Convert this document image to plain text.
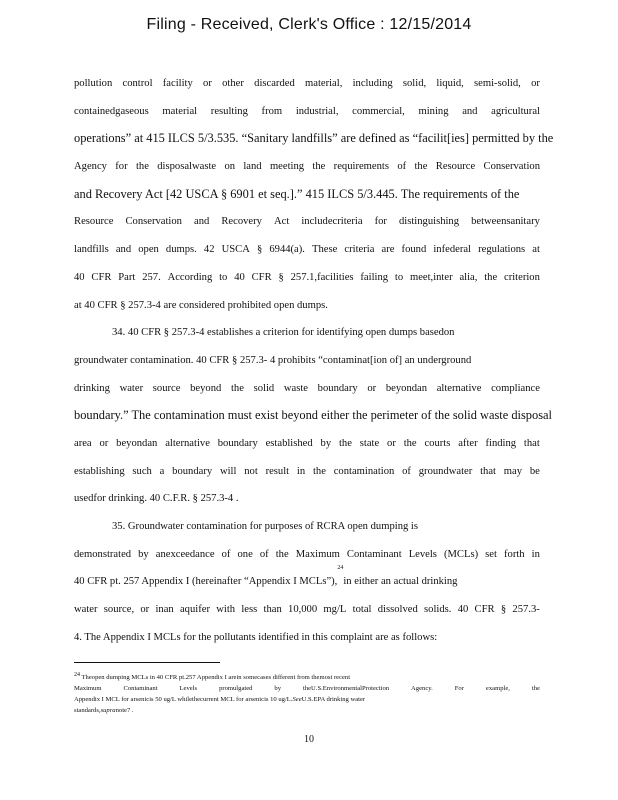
Filing - Received, Clerk's Office : 12/15/2014
pollution control facility or other discarded material, including solid, liquid, semi-solid, or
containedgaseous material resulting from industrial, commercial, mining and agricultural
operations” at 415 ILCS 5/3.535. “Sanitary landfills” are defined as “facilit[ies] permitted by the
Agency for the disposalwaste on land meeting the requirements of the Resource Conservation
and Recovery Act [42 USCA § 6901 et seq.].” 415 ILCS 5/3.445. The requirements of the
Resource Conservation and Recovery Act includecriteria for distinguishing betweensanitary
landfills and open dumps. 42 USCA § 6944(a). These criteria are found infederal regulations at
40 CFR Part 257. According to 40 CFR § 257.1,facilities failing to meet,inter alia, the criterion
at 40 CFR § 257.3-4 are considered prohibited open dumps.
34. 40 CFR § 257.3-4 establishes a criterion for identifying open dumps basedon
groundwater contamination. 40 CFR § 257.3- 4 prohibits “contaminat[ion of] an underground
drinking water source beyond the solid waste boundary or beyondan alternative compliance
boundary.” The contamination must exist beyond either the perimeter of the solid waste disposal
area or beyondan alternative boundary established by the state or the courts after finding that
establishing such a boundary will not result in the contamination of groundwater that may be
usedfor drinking. 40 C.F.R. § 257.3-4 .
35. Groundwater contamination for purposes of RCRA open dumping is
demonstrated by anexceedance of one of the Maximum Contaminant Levels (MCLs) set forth in
40 CFR pt. 257 Appendix I (hereinafter “Appendix I MCLs”),
24
in either an actual drinking
water source, or inan aquifer with less than 10,000 mg/L total dissolved solids. 40 CFR § 257.3-
4. The Appendix I MCLs for the pollutants identified in this complaint are as follows:
$^{24}$ Theopen dumping MCLs in 40 CFR pt.257 Appendix I arein somecases different from themost recent
Maximum	Contaminant	Levels	promulgated	by	theU.S.EnvironmentalProtection	Agency.	For	example,	the
Appendix I MCL for arsenicis 50 ug/L whilethecurrent MCL for arsenicis 10 ug/L. See U.S.EPA drinking water
standards, supra note7 .
10
